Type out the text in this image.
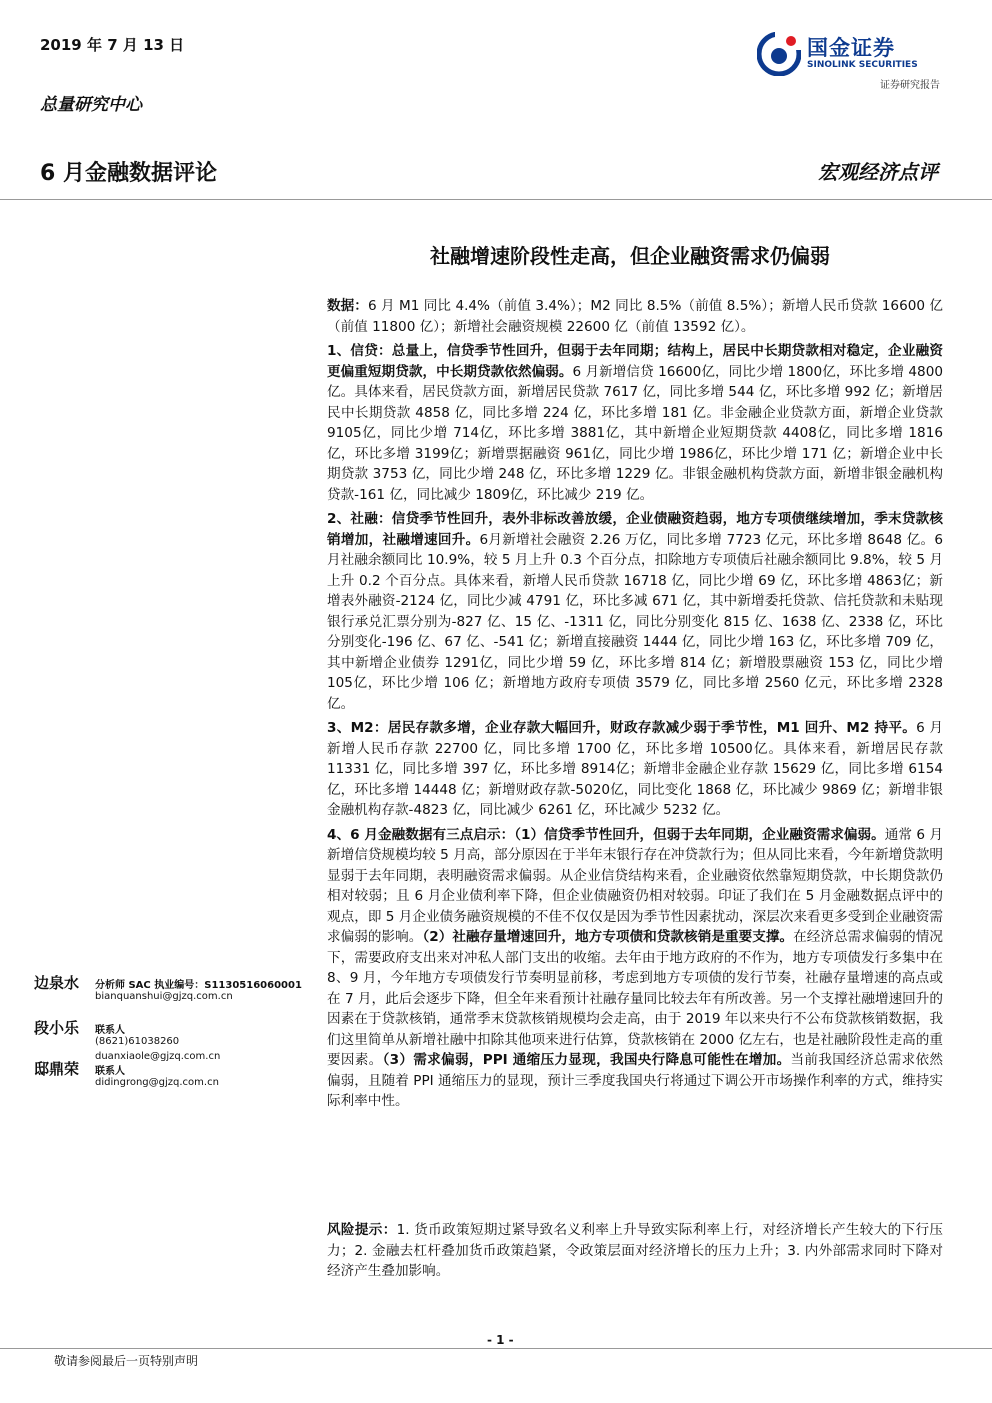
2019 年 7 月 13 日
总量研究中心
6 月金融数据评论	宏观经济点评
国金证券
SINOLINK SECURITIES
证券研究报告
社融增速阶段性走高，但企业融资需求仍偏弱

数据：6 月 M1 同比 4.4%（前值 3.4%）；M2 同比 8.5%（前值 8.5%）；新增人民币贷款 16600 亿（前值 11800 亿）；新增社会融资规模 22600 亿（前值 13592 亿）。

1、信贷：总量上，信贷季节性回升，但弱于去年同期；结构上，居民中长期贷款相对稳定，企业融资更偏重短期贷款，中长期贷款依然偏弱。6 月新增信贷 16600亿，同比少增 1800亿，环比多增 4800亿。具体来看，居民贷款方面，新增居民贷款 7617 亿，同比多增 544 亿，环比多增 992 亿；新增居民中长期贷款 4858 亿，同比多增 224 亿，环比多增 181 亿。非金融企业贷款方面，新增企业贷款 9105亿，同比少增 714亿，环比多增 3881亿，其中新增企业短期贷款 4408亿，同比多增 1816亿，环比多增 3199亿；新增票据融资 961亿，同比少增 1986亿，环比少增 171 亿；新增企业中长期贷款 3753 亿，同比少增 248 亿，环比多增 1229 亿。非银金融机构贷款方面，新增非银金融机构贷款-161 亿，同比减少 1809亿，环比减少 219 亿。

2、社融：信贷季节性回升，表外非标改善放缓，企业债融资趋弱，地方专项债继续增加，季末贷款核销增加，社融增速回升。6月新增社会融资 2.26 万亿，同比多增 7723 亿元，环比多增 8648 亿。6 月社融余额同比 10.9%，较 5 月上升 0.3 个百分点，扣除地方专项债后社融余额同比 9.8%，较 5 月上升 0.2 个百分点。具体来看，新增人民币贷款 16718 亿，同比少增 69 亿，环比多增 4863亿；新增表外融资-2124 亿，同比少减 4791 亿，环比多减 671 亿，其中新增委托贷款、信托贷款和未贴现银行承兑汇票分别为-827 亿、15 亿、-1311 亿，同比分别变化 815 亿、1638 亿、2338 亿，环比分别变化-196 亿、67 亿、-541 亿；新增直接融资 1444 亿，同比少增 163 亿，环比多增 709 亿，其中新增企业债券 1291亿，同比少增 59 亿，环比多增 814 亿；新增股票融资 153 亿，同比少增 105亿，环比少增 106 亿；新增地方政府专项债 3579 亿，同比多增 2560 亿元，环比多增 2328 亿。

3、M2：居民存款多增，企业存款大幅回升，财政存款减少弱于季节性，M1 回升、M2 持平。6 月新增人民币存款 22700 亿，同比多增 1700 亿，环比多增 10500亿。具体来看，新增居民存款 11331 亿，同比多增 397 亿，环比多增 8914亿；新增非金融企业存款 15629 亿，同比多增 6154 亿，环比多增 14448 亿；新增财政存款-5020亿，同比变化 1868 亿，环比减少 9869 亿；新增非银金融机构存款-4823 亿，同比减少 6261 亿，环比减少 5232 亿。

4、6 月金融数据有三点启示：（1）信贷季节性回升，但弱于去年同期，企业融资需求偏弱。通常 6 月新增信贷规模均较 5 月高，部分原因在于半年末银行存在冲贷款行为；但从同比来看，今年新增贷款明显弱于去年同期，表明融资需求偏弱。从企业信贷结构来看，企业融资依然靠短期贷款，中长期贷款仍相对较弱；且 6 月企业债利率下降，但企业债融资仍相对较弱。印证了我们在 5 月金融数据点评中的观点，即 5 月企业债务融资规模的不佳不仅仅是因为季节性因素扰动，深层次来看更多受到企业融资需求偏弱的影响。（2）社融存量增速回升，地方专项债和贷款核销是重要支撑。在经济总需求偏弱的情况下，需要政府支出来对冲私人部门支出的收缩。去年由于地方政府的不作为，地方专项债发行多集中在 8、9 月，今年地方专项债发行节奏明显前移，考虑到地方专项债的发行节奏，社融存量增速的高点或在 7 月，此后会逐步下降，但全年来看预计社融存量同比较去年有所改善。另一个支撑社融增速回升的因素在于贷款核销，通常季末贷款核销规模均会走高，由于 2019 年以来央行不公布贷款核销数据，我们这里简单从新增社融中扣除其他项来进行估算，贷款核销在 2000 亿左右，也是社融阶段性走高的重要因素。（3）需求偏弱，PPI 通缩压力显现，我国央行降息可能性在增加。当前我国经济总需求依然偏弱，且随着 PPI 通缩压力的显现，预计三季度我国央行将通过下调公开市场操作利率的方式，维持实际利率中性。

风险提示：1. 货币政策短期过紧导致名义利率上升导致实际利率上行，对经济增长产生较大的下行压力；2. 金融去杠杆叠加货币政策趋紧，令政策层面对经济增长的压力上升；3. 内外部需求同时下降对经济产生叠加影响。

边泉水 分析师 SAC 执业编号：S1130516060001
bianquanshui@gjzq.com.cn
段小乐 联系人
(8621)61038260
duanxiaole@gjzq.com.cn
邸鼎荣 联系人
didingrong@gjzq.com.cn
- 1 -
敬请参阅最后一页特别声明
